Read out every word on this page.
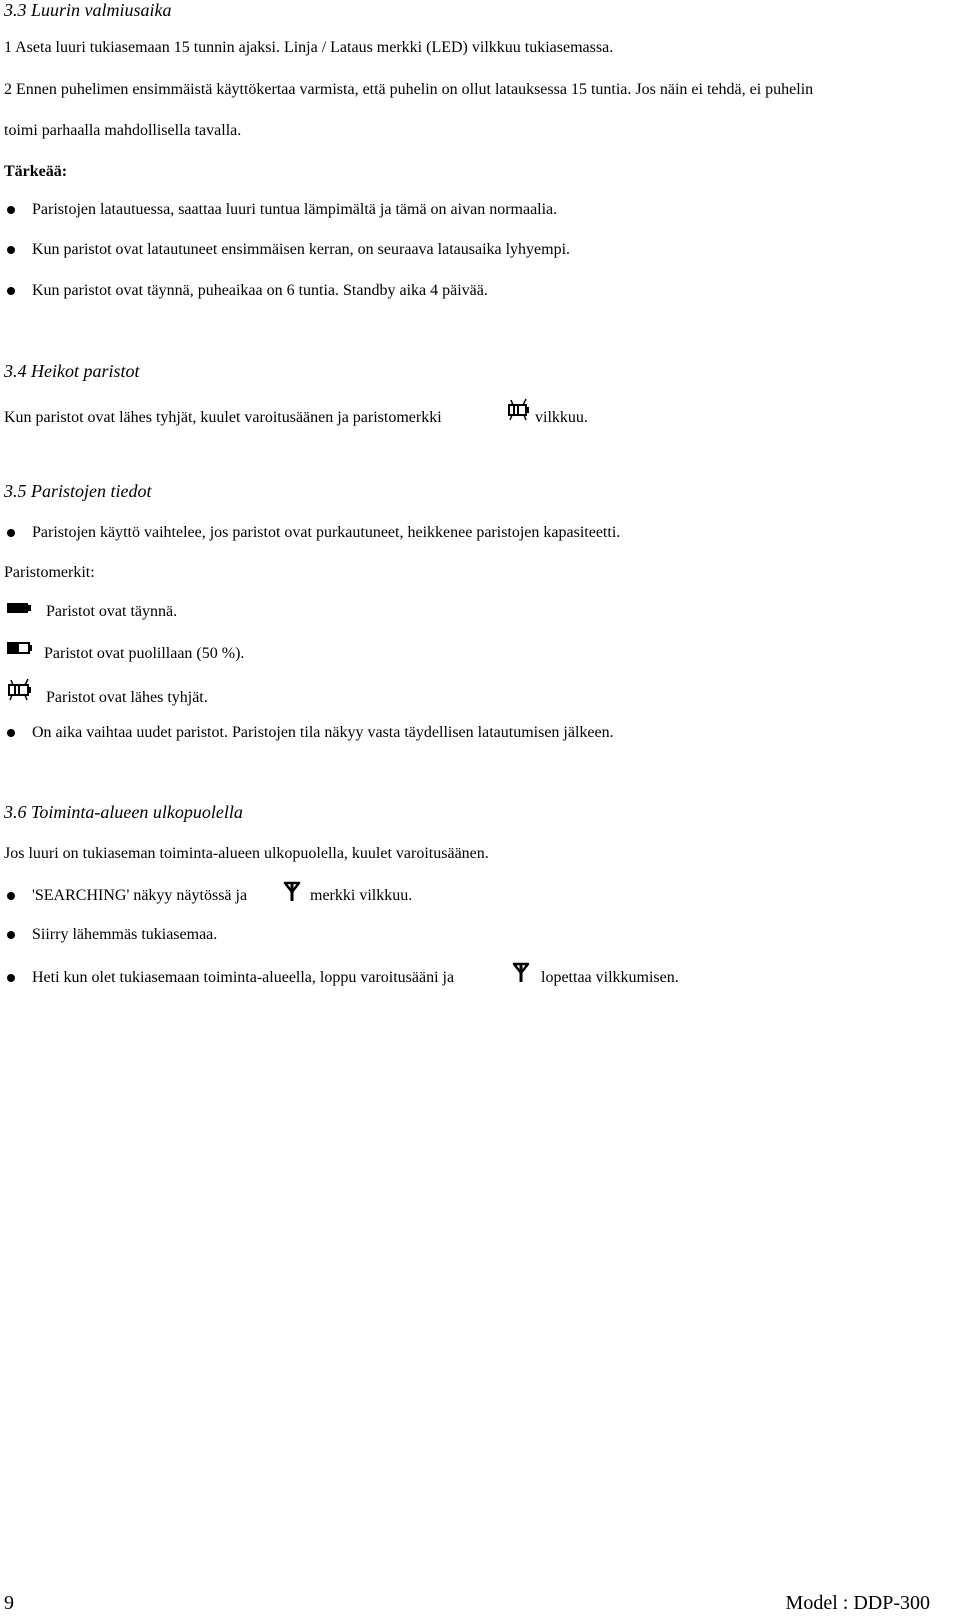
3.3 Luurin valmiusaika
1 Aseta luuri tukiasemaan 15 tunnin ajaksi. Linja / Lataus merkki (LED) vilkkuu tukiasemassa.
2 Ennen puhelimen ensimmäistä käyttökertaa varmista, että puhelin on ollut latauksessa 15 tuntia. Jos näin ei tehdä, ei puhelin
toimi parhaalla mahdollisella tavalla.
Tärkeää:
Paristojen latautuessa, saattaa luuri tuntua lämpimältä ja tämä on aivan normaalia.
Kun paristot ovat latautuneet ensimmäisen kerran, on seuraava latausaika lyhyempi.
Kun paristot ovat täynnä, puheaikaa on 6 tuntia. Standby aika 4 päivää.
3.4 Heikot paristot
Kun paristot ovat lähes tyhjät, kuulet varoitusäänen ja paristomerkki	vilkkuu.
3.5 Paristojen tiedot
Paristojen käyttö vaihtelee, jos paristot ovat purkautuneet, heikkenee paristojen kapasiteetti.
Paristomerkit:
Paristot ovat täynnä.
Paristot ovat puolillaan (50 %).
Paristot ovat lähes tyhjät.
On aika vaihtaa uudet paristot. Paristojen tila näkyy vasta täydellisen latautumisen jälkeen.
3.6 Toiminta-alueen ulkopuolella
Jos luuri on tukiaseman toiminta-alueen ulkopuolella, kuulet varoitusäänen.
'SEARCHING' näkyy näytössä ja	merkki vilkkuu.
Siirry lähemmäs tukiasemaa.
Heti kun olet tukiasemaan toiminta-alueella, loppu varoitusääni ja	lopettaa vilkkumisen.
9	Model : DDP-300
